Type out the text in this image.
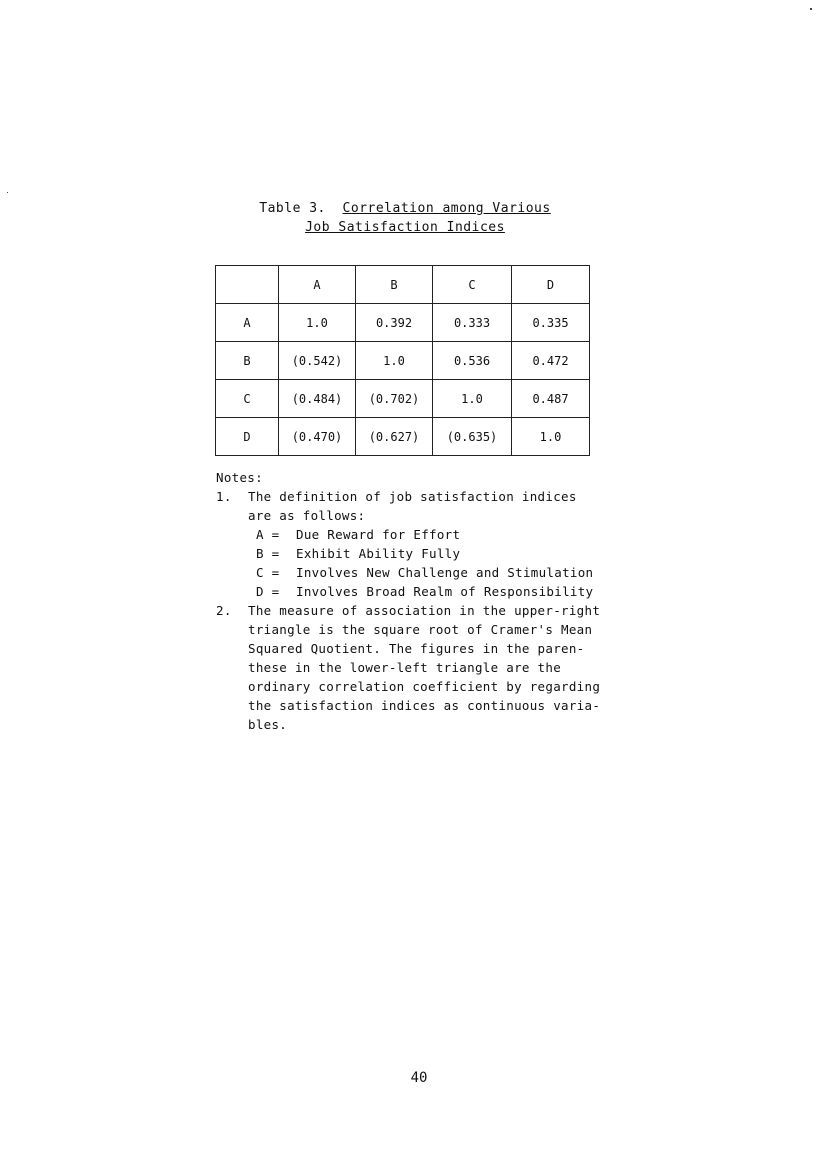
Table 3. Correlation among Various
Job Satisfaction Indices
	A	B	C	D
A	1.0	0.392	0.333	0.335
B	(0.542)	1.0	0.536	0.472
C	(0.484)	(0.702)	1.0	0.487
D	(0.470)	(0.627)	(0.635)	1.0
Notes:
1.	The definition of job satisfaction indices
are as follows:
A =	Due Reward for Effort
B =	Exhibit Ability Fully
C =	Involves New Challenge and Stimulation
D =	Involves Broad Realm of Responsibility
2.	The measure of association in the upper-right
triangle is the square root of Cramer's Mean
Squared Quotient. The figures in the paren-
these in the lower-left triangle are the
ordinary correlation coefficient by regarding
the satisfaction indices as continuous varia-
bles.
40
